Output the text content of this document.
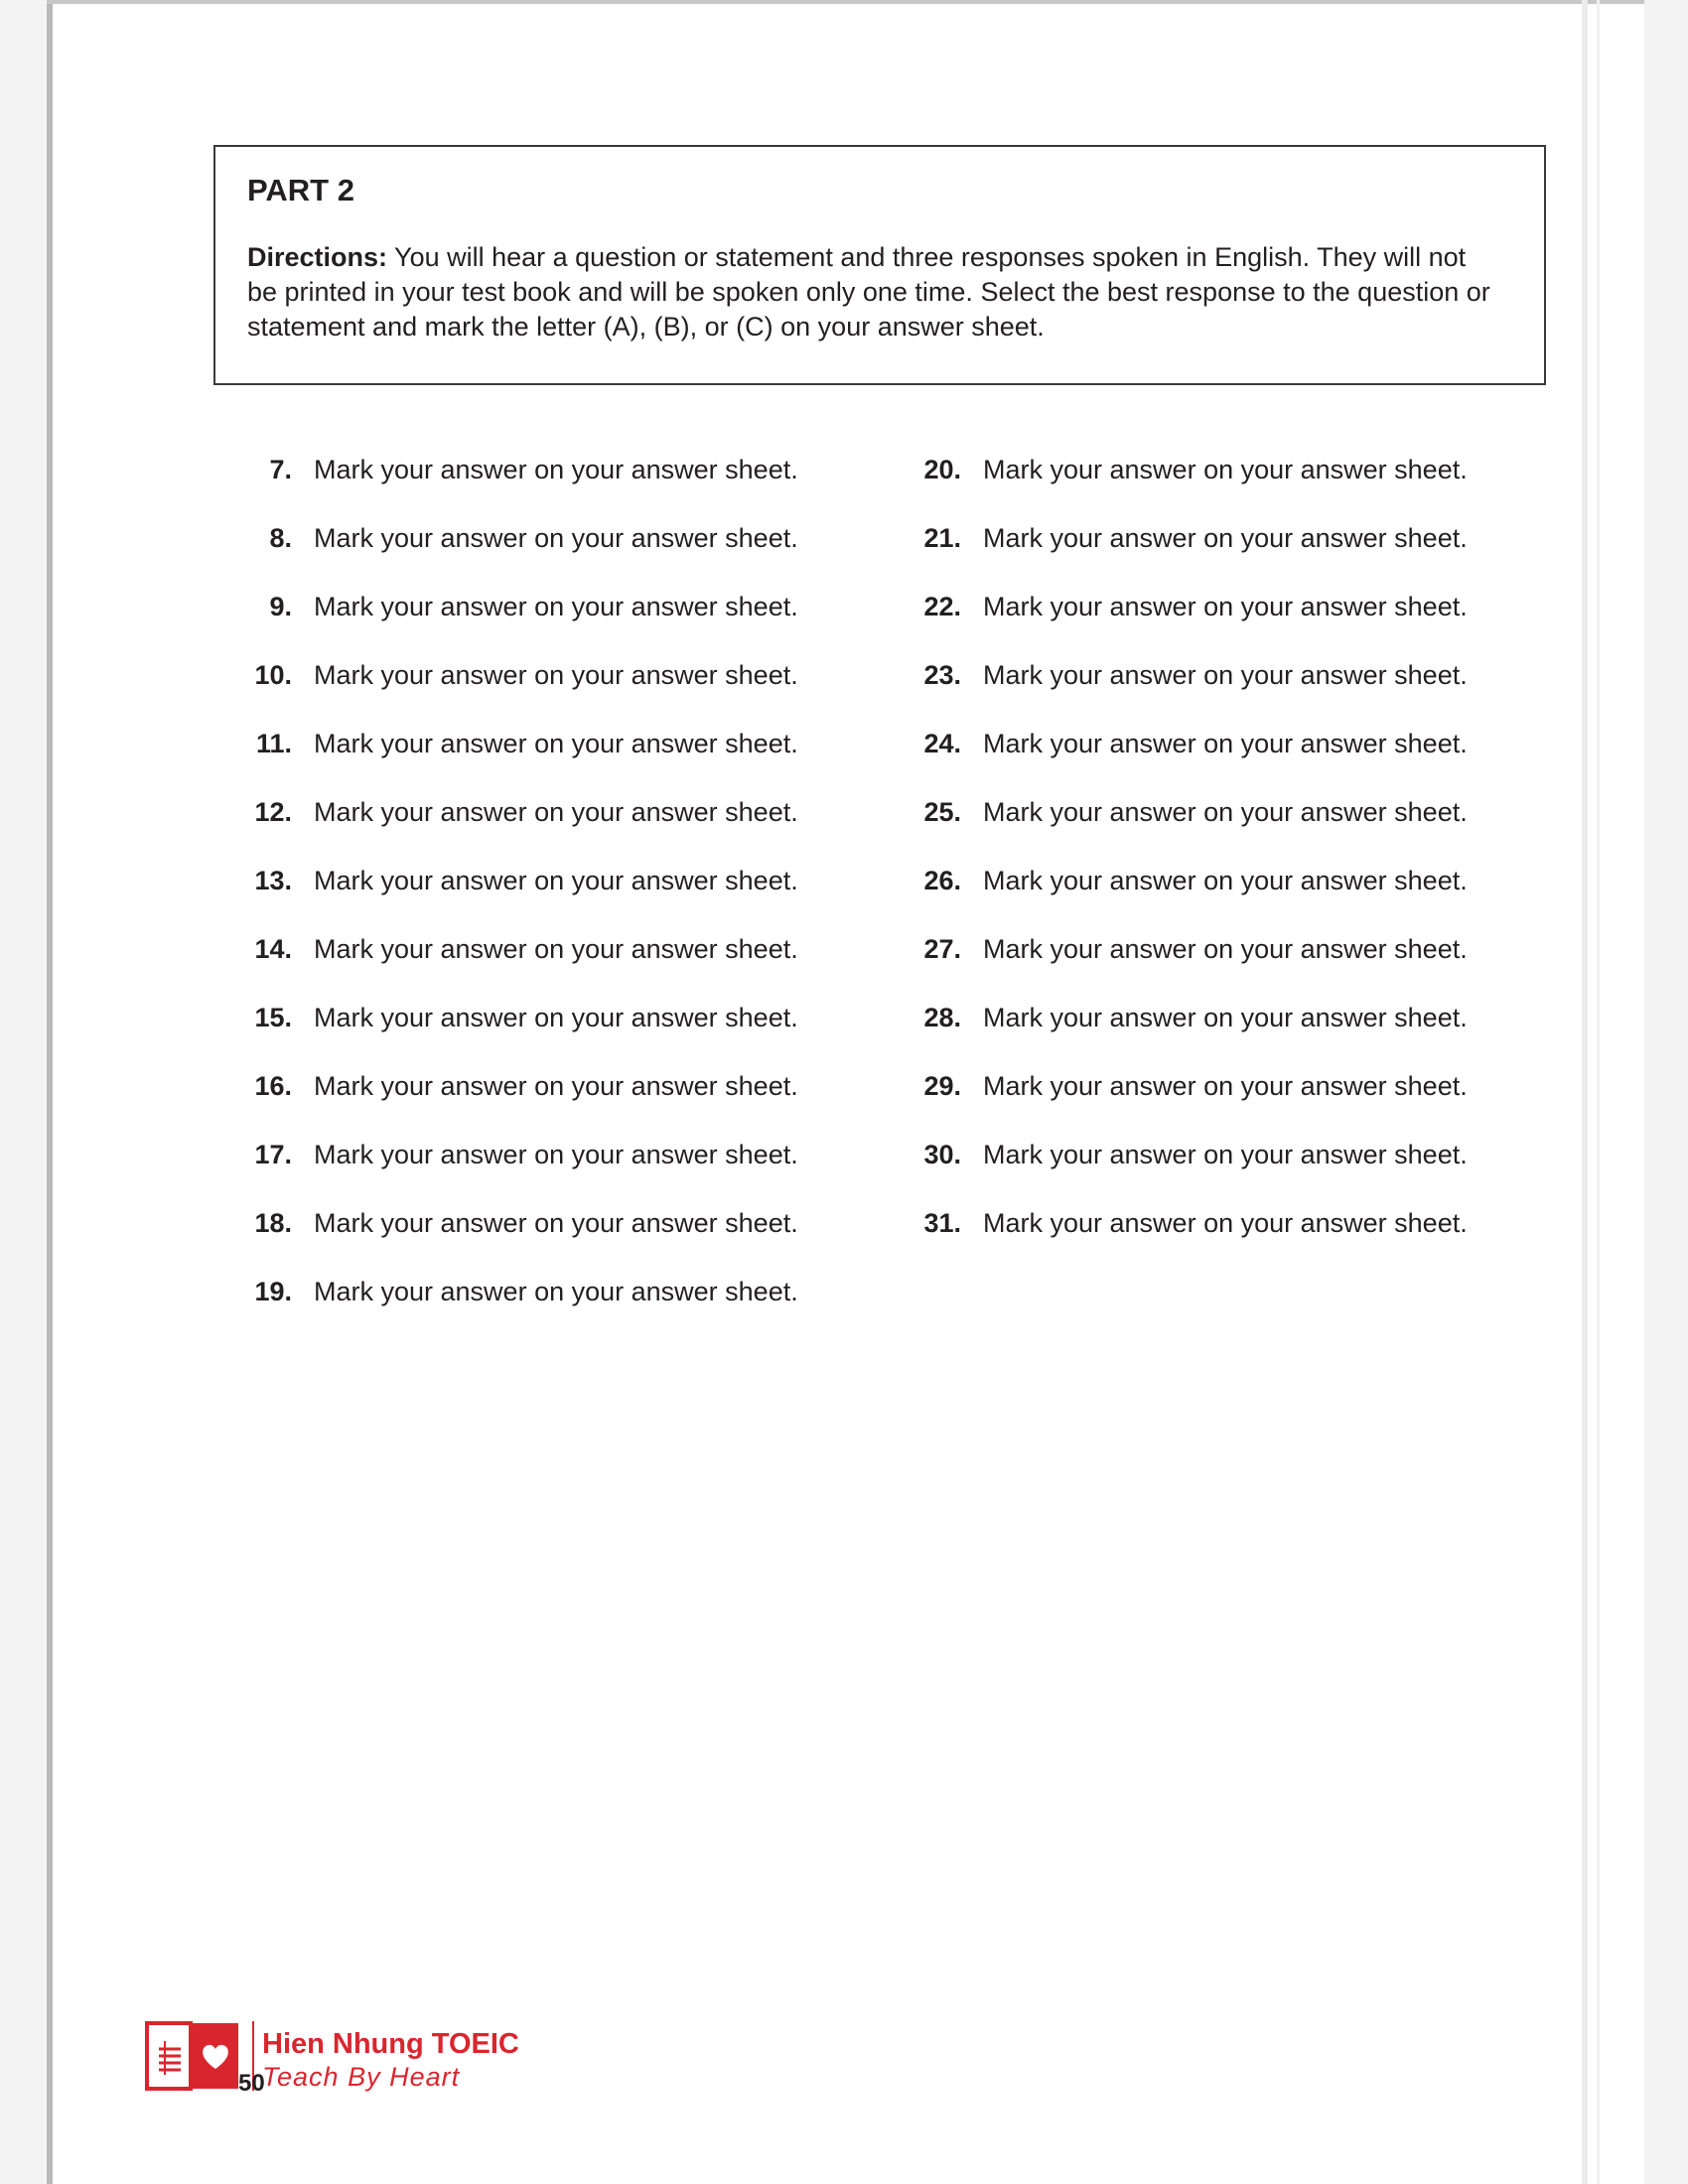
PART 2

Directions: You will hear a question or statement and three responses spoken in English. They will not be printed in your test book and will be spoken only one time. Select the best response to the question or statement and mark the letter (A), (B), or (C) on your answer sheet.

7. Mark your answer on your answer sheet.
8. Mark your answer on your answer sheet.
9. Mark your answer on your answer sheet.
10. Mark your answer on your answer sheet.
11. Mark your answer on your answer sheet.
12. Mark your answer on your answer sheet.
13. Mark your answer on your answer sheet.
14. Mark your answer on your answer sheet.
15. Mark your answer on your answer sheet.
16. Mark your answer on your answer sheet.
17. Mark your answer on your answer sheet.
18. Mark your answer on your answer sheet.
19. Mark your answer on your answer sheet.
20. Mark your answer on your answer sheet.
21. Mark your answer on your answer sheet.
22. Mark your answer on your answer sheet.
23. Mark your answer on your answer sheet.
24. Mark your answer on your answer sheet.
25. Mark your answer on your answer sheet.
26. Mark your answer on your answer sheet.
27. Mark your answer on your answer sheet.
28. Mark your answer on your answer sheet.
29. Mark your answer on your answer sheet.
30. Mark your answer on your answer sheet.
31. Mark your answer on your answer sheet.
Hien Nhung TOEIC
Teach By Heart
50
